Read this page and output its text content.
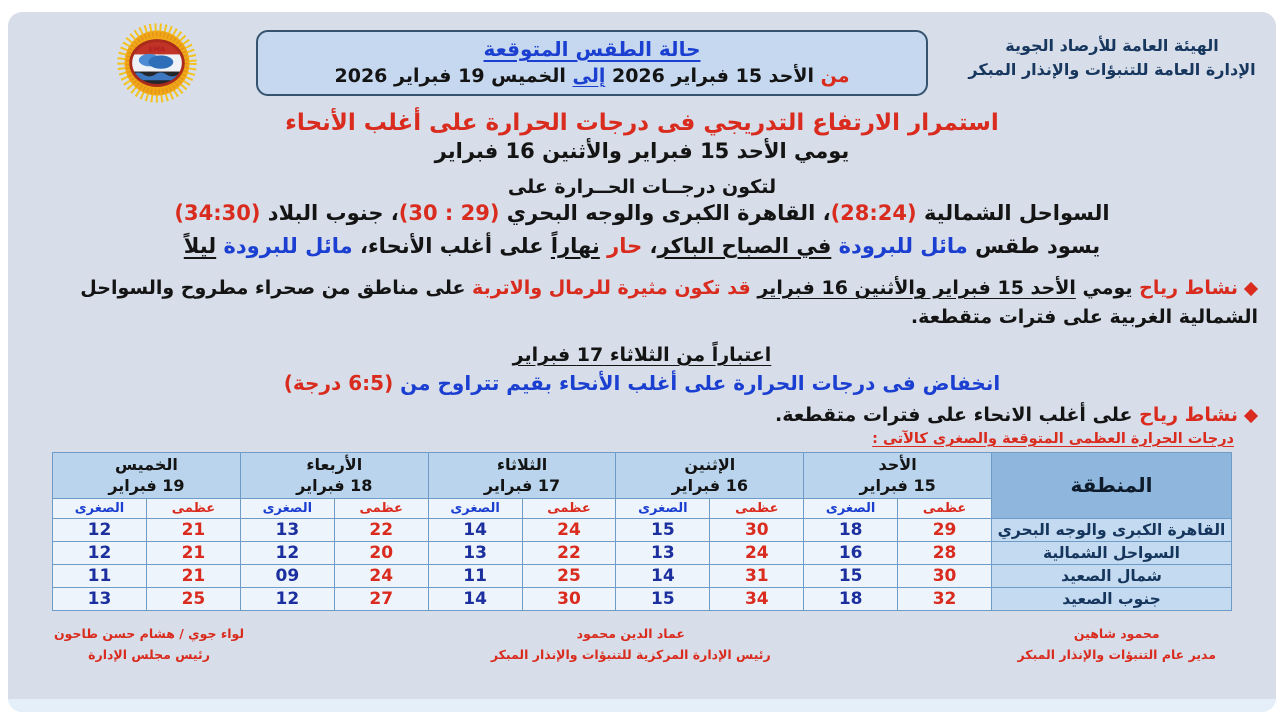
الهيئة العامة للأرصاد الجوية
الإدارة العامة للتنبؤات والإنذار المبكر
حالة الطقس المتوقعة
من الأحد 15 فبراير 2026 إلى الخميس 19 فبراير 2026
EMA
استمرار الارتفاع التدريجي فى درجات الحرارة على أغلب الأنحاء
يومي الأحد 15 فبراير والأثنين 16 فبراير
لتكون درجــات الحــرارة على
السواحل الشمالية (28:24)، القاهرة الكبرى والوجه البحري (29 : 30)، جنوب البلاد (34:30)
يسود طقس مائل للبرودة في الصباح الباكر، حار نهاراً على أغلب الأنحاء، مائل للبرودة ليلاً
نشاط رياح يومي الأحد 15 فبراير والأثنين 16 فبراير قد تكون مثيرة للرمال والاتربة على مناطق من صحراء مطروح والسواحل الشمالية الغربية على فترات متقطعة.
اعتباراً من الثلاثاء 17 فبراير
انخفاض فى درجات الحرارة على أغلب الأنحاء بقيم تتراوح من (6:5 درجة)
نشاط رياح على أغلب الانحاء على فترات متقطعة.
درجات الحرارة العظمى المتوقعة والصغرى كالآتى :
المنطقة	
الأحد
15 فبراير

الإثنين
16 فبراير

الثلاثاء
17 فبراير

الأربعاء
18 فبراير

الخميس
19 فبراير

	عظمى	الصغرى	عظمى	الصغرى	عظمى	الصغرى	عظمى	الصغرى	عظمى	الصغرى
القاهرة الكبرى والوجه البحري	29	18	30	15	24	14	22	13	21	12
السواحل الشمالية	28	16	24	13	22	13	20	12	21	12
شمال الصعيد	30	15	31	14	25	11	24	09	21	11
جنوب الصعيد	32	18	34	15	30	14	27	12	25	13
محمود شاهين
مدير عام التنبؤات والإنذار المبكر
عماد الدين محمود
رئيس الإدارة المركزية للتنبؤات والإنذار المبكر
لواء جوي / هشام حسن طاحون
رئيس مجلس الإدارة
